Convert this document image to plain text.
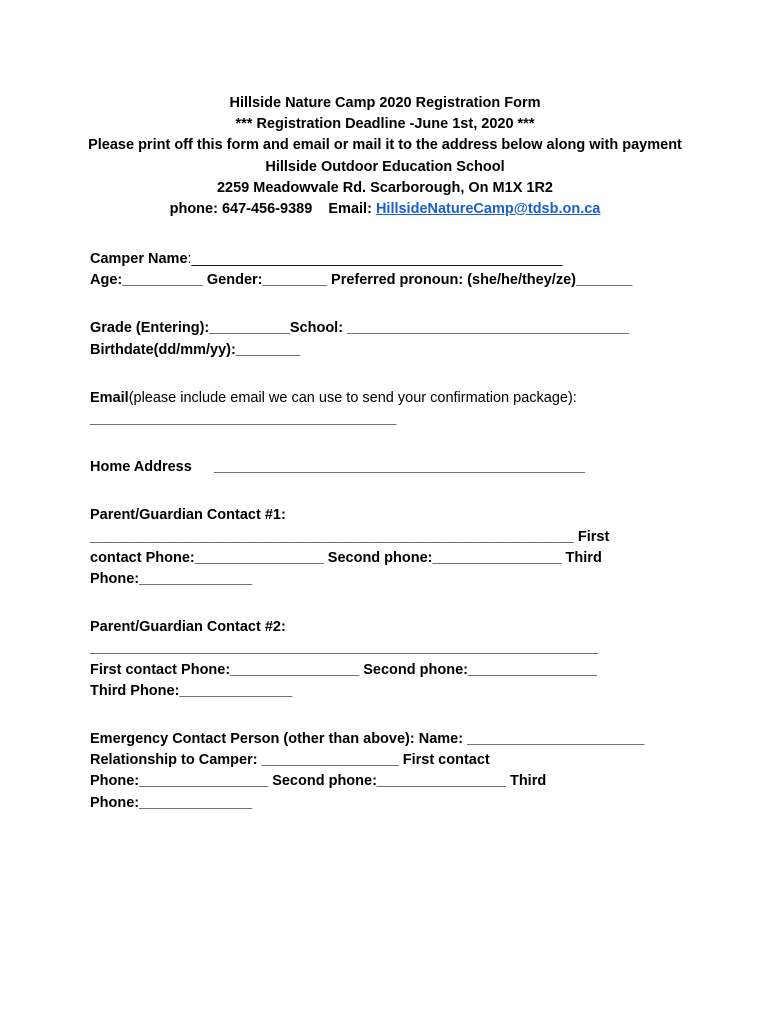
Hillside Nature Camp 2020 Registration Form
*** Registration Deadline -June 1st, 2020 ***
Please print off this form and email or mail it to the address below along with payment
Hillside Outdoor Education School
2259 Meadowvale Rd. Scarborough, On M1X 1R2
phone: 647-456-9389 Email: HillsideNatureCamp@tdsb.on.ca
Camper Name:______________________________________________
Age:__________ Gender:________ Preferred pronoun: (she/he/they/ze)_______
Grade (Entering):__________School: ___________________________________
Birthdate(dd/mm/yy):________
Email(please include email we can use to send your confirmation package):
______________________________________
Home Address ______________________________________________
Parent/Guardian Contact #1:
____________________________________________________________ First
contact Phone:________________ Second phone:________________ Third
Phone:______________
Parent/Guardian Contact #2:
_______________________________________________________________
First contact Phone:________________ Second phone:________________
Third Phone:______________
Emergency Contact Person (other than above): Name: ______________________
Relationship to Camper: _________________ First contact
Phone:________________ Second phone:________________ Third
Phone:______________
